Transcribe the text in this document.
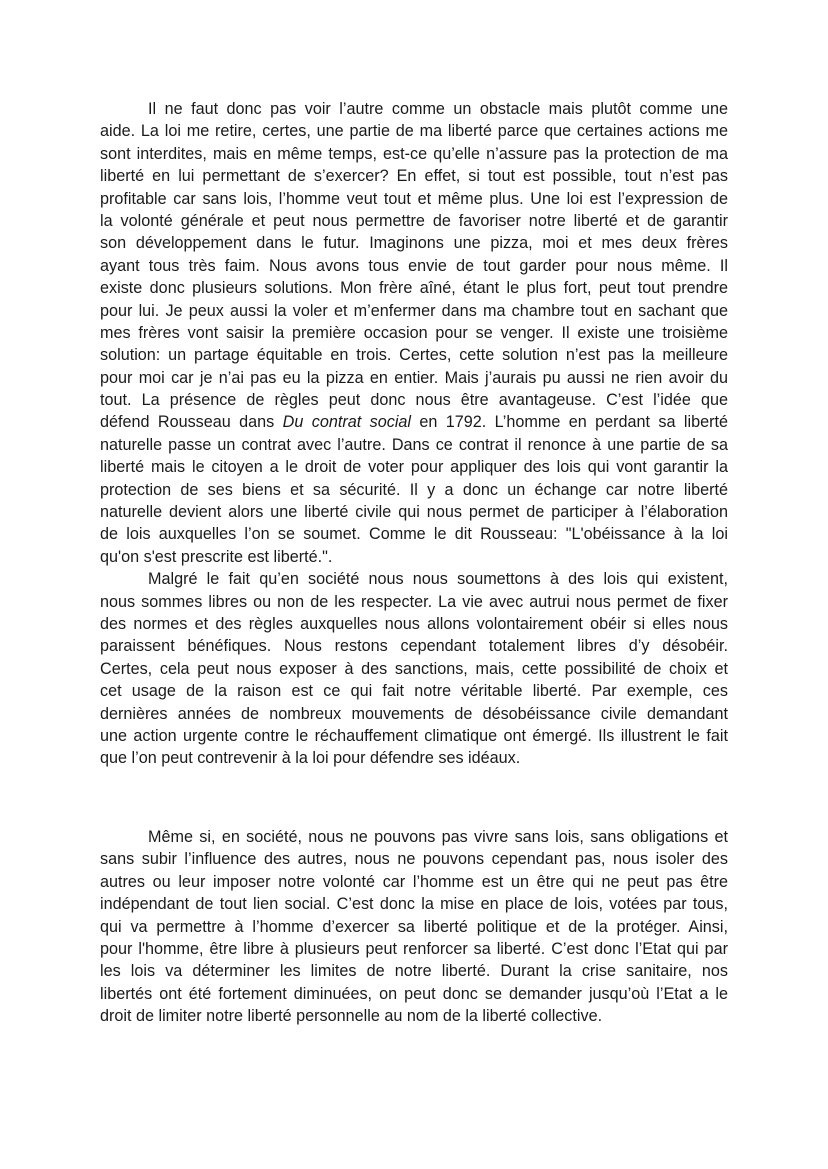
Il ne faut donc pas voir l’autre comme un obstacle mais plutôt comme une
aide. La loi me retire, certes, une partie de ma liberté parce que certaines actions me
sont interdites, mais en même temps, est-ce qu’elle n’assure pas la protection de ma
liberté en lui permettant de s’exercer? En effet, si tout est possible, tout n’est pas
profitable car sans lois, l’homme veut tout et même plus. Une loi est l’expression de
la volonté générale et peut nous permettre de favoriser notre liberté et de garantir
son développement dans le futur. Imaginons une pizza, moi et mes deux frères
ayant tous très faim. Nous avons tous envie de tout garder pour nous même. Il
existe donc plusieurs solutions. Mon frère aîné, étant le plus fort, peut tout prendre
pour lui. Je peux aussi la voler et m’enfermer dans ma chambre tout en sachant que
mes frères vont saisir la première occasion pour se venger. Il existe une troisième
solution: un partage équitable en trois. Certes, cette solution n’est pas la meilleure
pour moi car je n’ai pas eu la pizza en entier. Mais j’aurais pu aussi ne rien avoir du
tout. La présence de règles peut donc nous être avantageuse. C’est l’idée que
défend Rousseau dans Du contrat social en 1792. L’homme en perdant sa liberté
naturelle passe un contrat avec l’autre. Dans ce contrat il renonce à une partie de sa
liberté mais le citoyen a le droit de voter pour appliquer des lois qui vont garantir la
protection de ses biens et sa sécurité. Il y a donc un échange car notre liberté
naturelle devient alors une liberté civile qui nous permet de participer à l’élaboration
de lois auxquelles l’on se soumet. Comme le dit Rousseau: "L'obéissance à la loi
qu'on s'est prescrite est liberté.".
Malgré le fait qu’en société nous nous soumettons à des lois qui existent,
nous sommes libres ou non de les respecter. La vie avec autrui nous permet de fixer
des normes et des règles auxquelles nous allons volontairement obéir si elles nous
paraissent bénéfiques. Nous restons cependant totalement libres d’y désobéir.
Certes, cela peut nous exposer à des sanctions, mais, cette possibilité de choix et
cet usage de la raison est ce qui fait notre véritable liberté. Par exemple, ces
dernières années de nombreux mouvements de désobéissance civile demandant
une action urgente contre le réchauffement climatique ont émergé. Ils illustrent le fait
que l’on peut contrevenir à la loi pour défendre ses idéaux.
Même si, en société, nous ne pouvons pas vivre sans lois, sans obligations et
sans subir l’influence des autres, nous ne pouvons cependant pas, nous isoler des
autres ou leur imposer notre volonté car l’homme est un être qui ne peut pas être
indépendant de tout lien social. C’est donc la mise en place de lois, votées par tous,
qui va permettre à l’homme d’exercer sa liberté politique et de la protéger. Ainsi,
pour l'homme, être libre à plusieurs peut renforcer sa liberté. C’est donc l’Etat qui par
les lois va déterminer les limites de notre liberté. Durant la crise sanitaire, nos
libertés ont été fortement diminuées, on peut donc se demander jusqu’où l’Etat a le
droit de limiter notre liberté personnelle au nom de la liberté collective.
